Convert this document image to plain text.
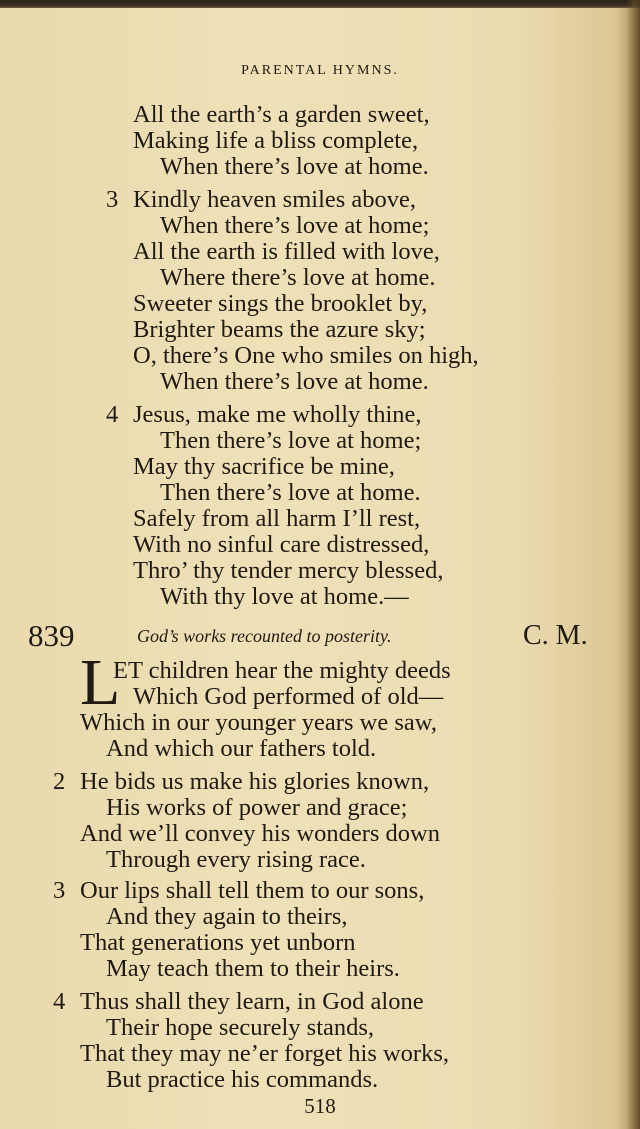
PARENTAL HYMNS.
All the earth’s a garden sweet,
Making life a bliss complete,
When there’s love at home.
3 Kindly heaven smiles above,
When there’s love at home;
All the earth is filled with love,
Where there’s love at home.
Sweeter sings the brooklet by,
Brighter beams the azure sky;
O, there’s One who smiles on high,
When there’s love at home.
4 Jesus, make me wholly thine,
Then there’s love at home;
May thy sacrifice be mine,
Then there’s love at home.
Safely from all harm I’ll rest,
With no sinful care distressed,
Thro’ thy tender mercy blessed,
With thy love at home.—
839	God’s works recounted to posterity.	C. M.
L
ET children hear the mighty deeds
Which God performed of old—
Which in our younger years we saw,
And which our fathers told.
2 He bids us make his glories known,
His works of power and grace;
And we’ll convey his wonders down
Through every rising race.
3 Our lips shall tell them to our sons,
And they again to theirs,
That generations yet unborn
May teach them to their heirs.
4 Thus shall they learn, in God alone
Their hope securely stands,
That they may ne’er forget his works,
But practice his commands.
518
